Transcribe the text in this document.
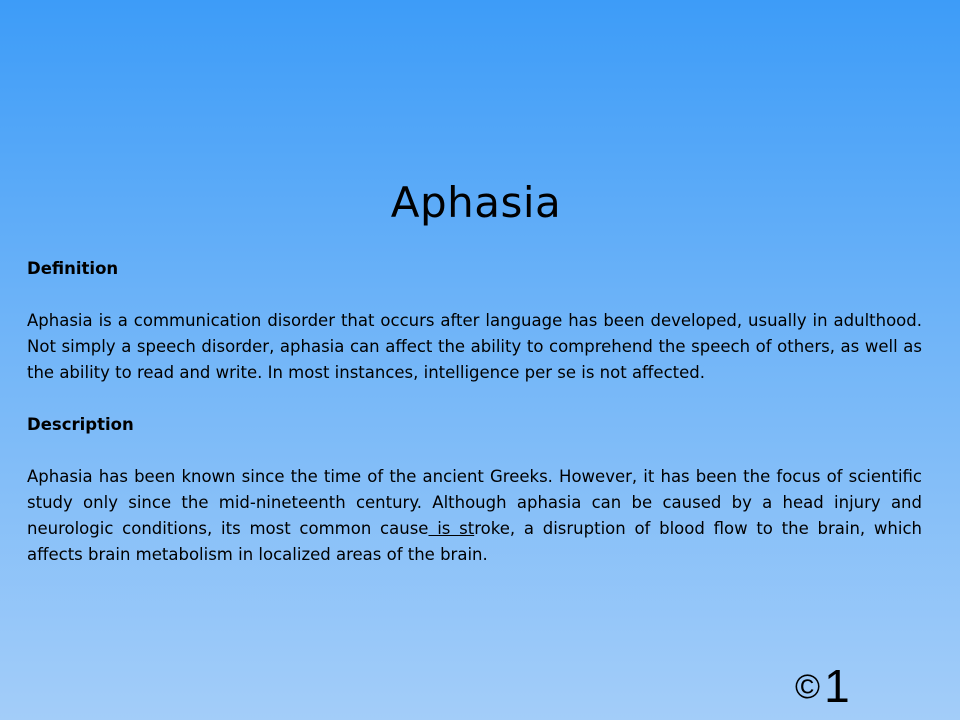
Aphasia

Definition

Aphasia is a communication disorder that occurs after language has been developed, usually in adulthood. Not simply a speech disorder, aphasia can affect the ability to comprehend the speech of others, as well as the ability to read and write. In most instances, intelligence per se is not affected.

Description

Aphasia has been known since the time of the ancient Greeks. However, it has been the focus of scientific study only since the mid-nineteenth century. Although aphasia can be caused by a head injury and neurologic conditions, its most common cause is stroke, a disruption of blood flow to the brain, which affects brain metabolism in localized areas of the brain.

©1
